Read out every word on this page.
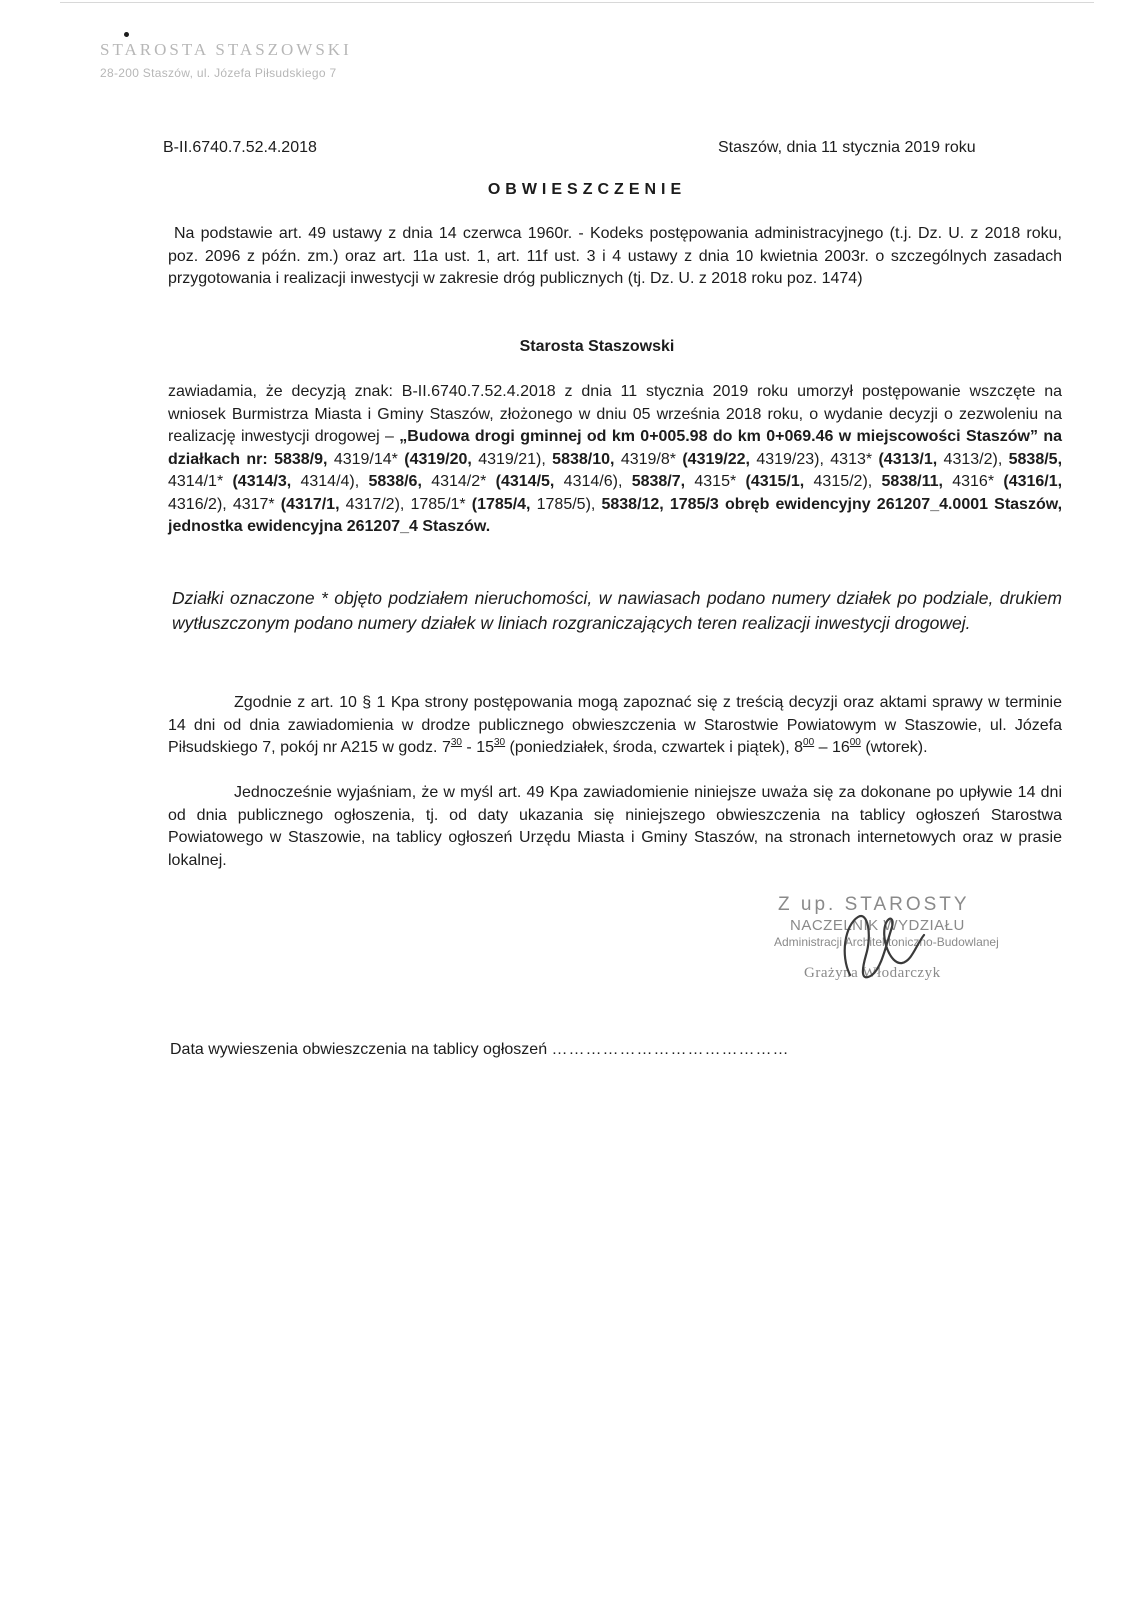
STAROSTA STASZOWSKI
28-200 Staszów, ul. Józefa Piłsudskiego 7
B-II.6740.7.52.4.2018	Staszów, dnia 11 stycznia 2019 roku
OBWIESZCZENIE
Na podstawie art. 49 ustawy z dnia 14 czerwca 1960r. - Kodeks postępowania administracyjnego (t.j. Dz. U. z 2018 roku, poz. 2096 z późn. zm.) oraz art. 11a ust. 1, art. 11f ust. 3 i 4 ustawy z dnia 10 kwietnia 2003r. o szczególnych zasadach przygotowania i realizacji inwestycji w zakresie dróg publicznych (tj. Dz. U. z 2018 roku poz. 1474)
Starosta Staszowski
zawiadamia, że decyzją znak: B-II.6740.7.52.4.2018 z dnia 11 stycznia 2019 roku umorzył postępowanie wszczęte na wniosek Burmistrza Miasta i Gminy Staszów, złożonego w dniu 05 września 2018 roku, o wydanie decyzji o zezwoleniu na realizację inwestycji drogowej – „Budowa drogi gminnej od km 0+005.98 do km 0+069.46 w miejscowości Staszów” na działkach nr: 5838/9, 4319/14* (4319/20, 4319/21), 5838/10, 4319/8* (4319/22, 4319/23), 4313* (4313/1, 4313/2), 5838/5, 4314/1* (4314/3, 4314/4), 5838/6, 4314/2* (4314/5, 4314/6), 5838/7, 4315* (4315/1, 4315/2), 5838/11, 4316* (4316/1, 4316/2), 4317* (4317/1, 4317/2), 1785/1* (1785/4, 1785/5), 5838/12, 1785/3 obręb ewidencyjny 261207_4.0001 Staszów, jednostka ewidencyjna 261207_4 Staszów.
Działki oznaczone * objęto podziałem nieruchomości, w nawiasach podano numery działek po podziale, drukiem wytłuszczonym podano numery działek w liniach rozgraniczających teren realizacji inwestycji drogowej.
Zgodnie z art. 10 § 1 Kpa strony postępowania mogą zapoznać się z treścią decyzji oraz aktami sprawy w terminie 14 dni od dnia zawiadomienia w drodze publicznego obwieszczenia w Starostwie Powiatowym w Staszowie, ul. Józefa Piłsudskiego 7, pokój nr A215 w godz. $7^{30} - 15^{30}$ (poniedziałek, środa, czwartek i piątek), $8^{00} - 16^{00}$ (wtorek).
Jednocześnie wyjaśniam, że w myśl art. 49 Kpa zawiadomienie niniejsze uważa się za dokonane po upływie 14 dni od dnia publicznego ogłoszenia, tj. od daty ukazania się niniejszego obwieszczenia na tablicy ogłoszeń Starostwa Powiatowego w Staszowie, na tablicy ogłoszeń Urzędu Miasta i Gminy Staszów, na stronach internetowych oraz w prasie lokalnej.
Z up. STAROSTY
NACZELNIK WYDZIAŁU
Administracji Architektoniczno-Budowlanej
Grażyna Włodarczyk
Data wywieszenia obwieszczenia na tablicy ogłoszeń ……………………………………
